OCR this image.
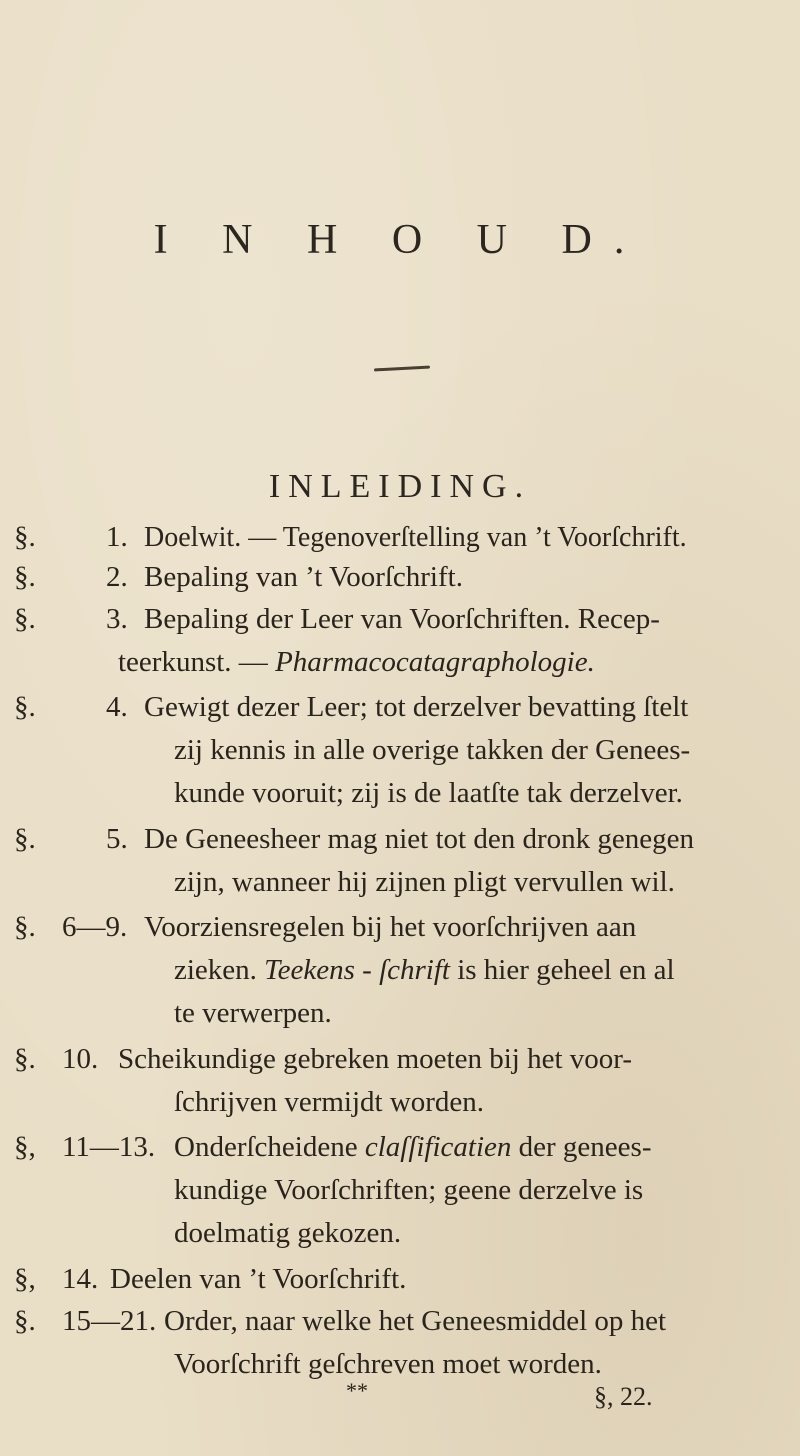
I N H O U D.
INLEIDING.
§. 1. Doelwit. — Tegenoverſtelling van ’t Voorſchrift.
§. 2. Bepaling van ’t Voorſchrift.
§. 3. Bepaling der Leer van Voorſchriften. Recep-
teerkunst. — Pharmacocatagraphologie.
§. 4. Gewigt dezer Leer; tot derzelver bevatting ſtelt
zij kennis in alle overige takken der Genees-
kunde vooruit; zij is de laatſte tak derzelver.
§. 5. De Geneesheer mag niet tot den dronk genegen
zijn, wanneer hij zijnen pligt vervullen wil.
§. 6—9. Voorziensregelen bij het voorſchrijven aan
zieken. Teekens - ſchrift is hier geheel en al
te verwerpen.
§. 10. Scheikundige gebreken moeten bij het voor-
ſchrijven vermijdt worden.
§, 11—13. Onderſcheidene claſſificatien der genees-
kundige Voorſchriften; geene derzelve is
doelmatig gekozen.
§, 14. Deelen van ’t Voorſchrift.
§. 15—21. Order, naar welke het Geneesmiddel op het
Voorſchrift geſchreven moet worden.
**	§, 22.
